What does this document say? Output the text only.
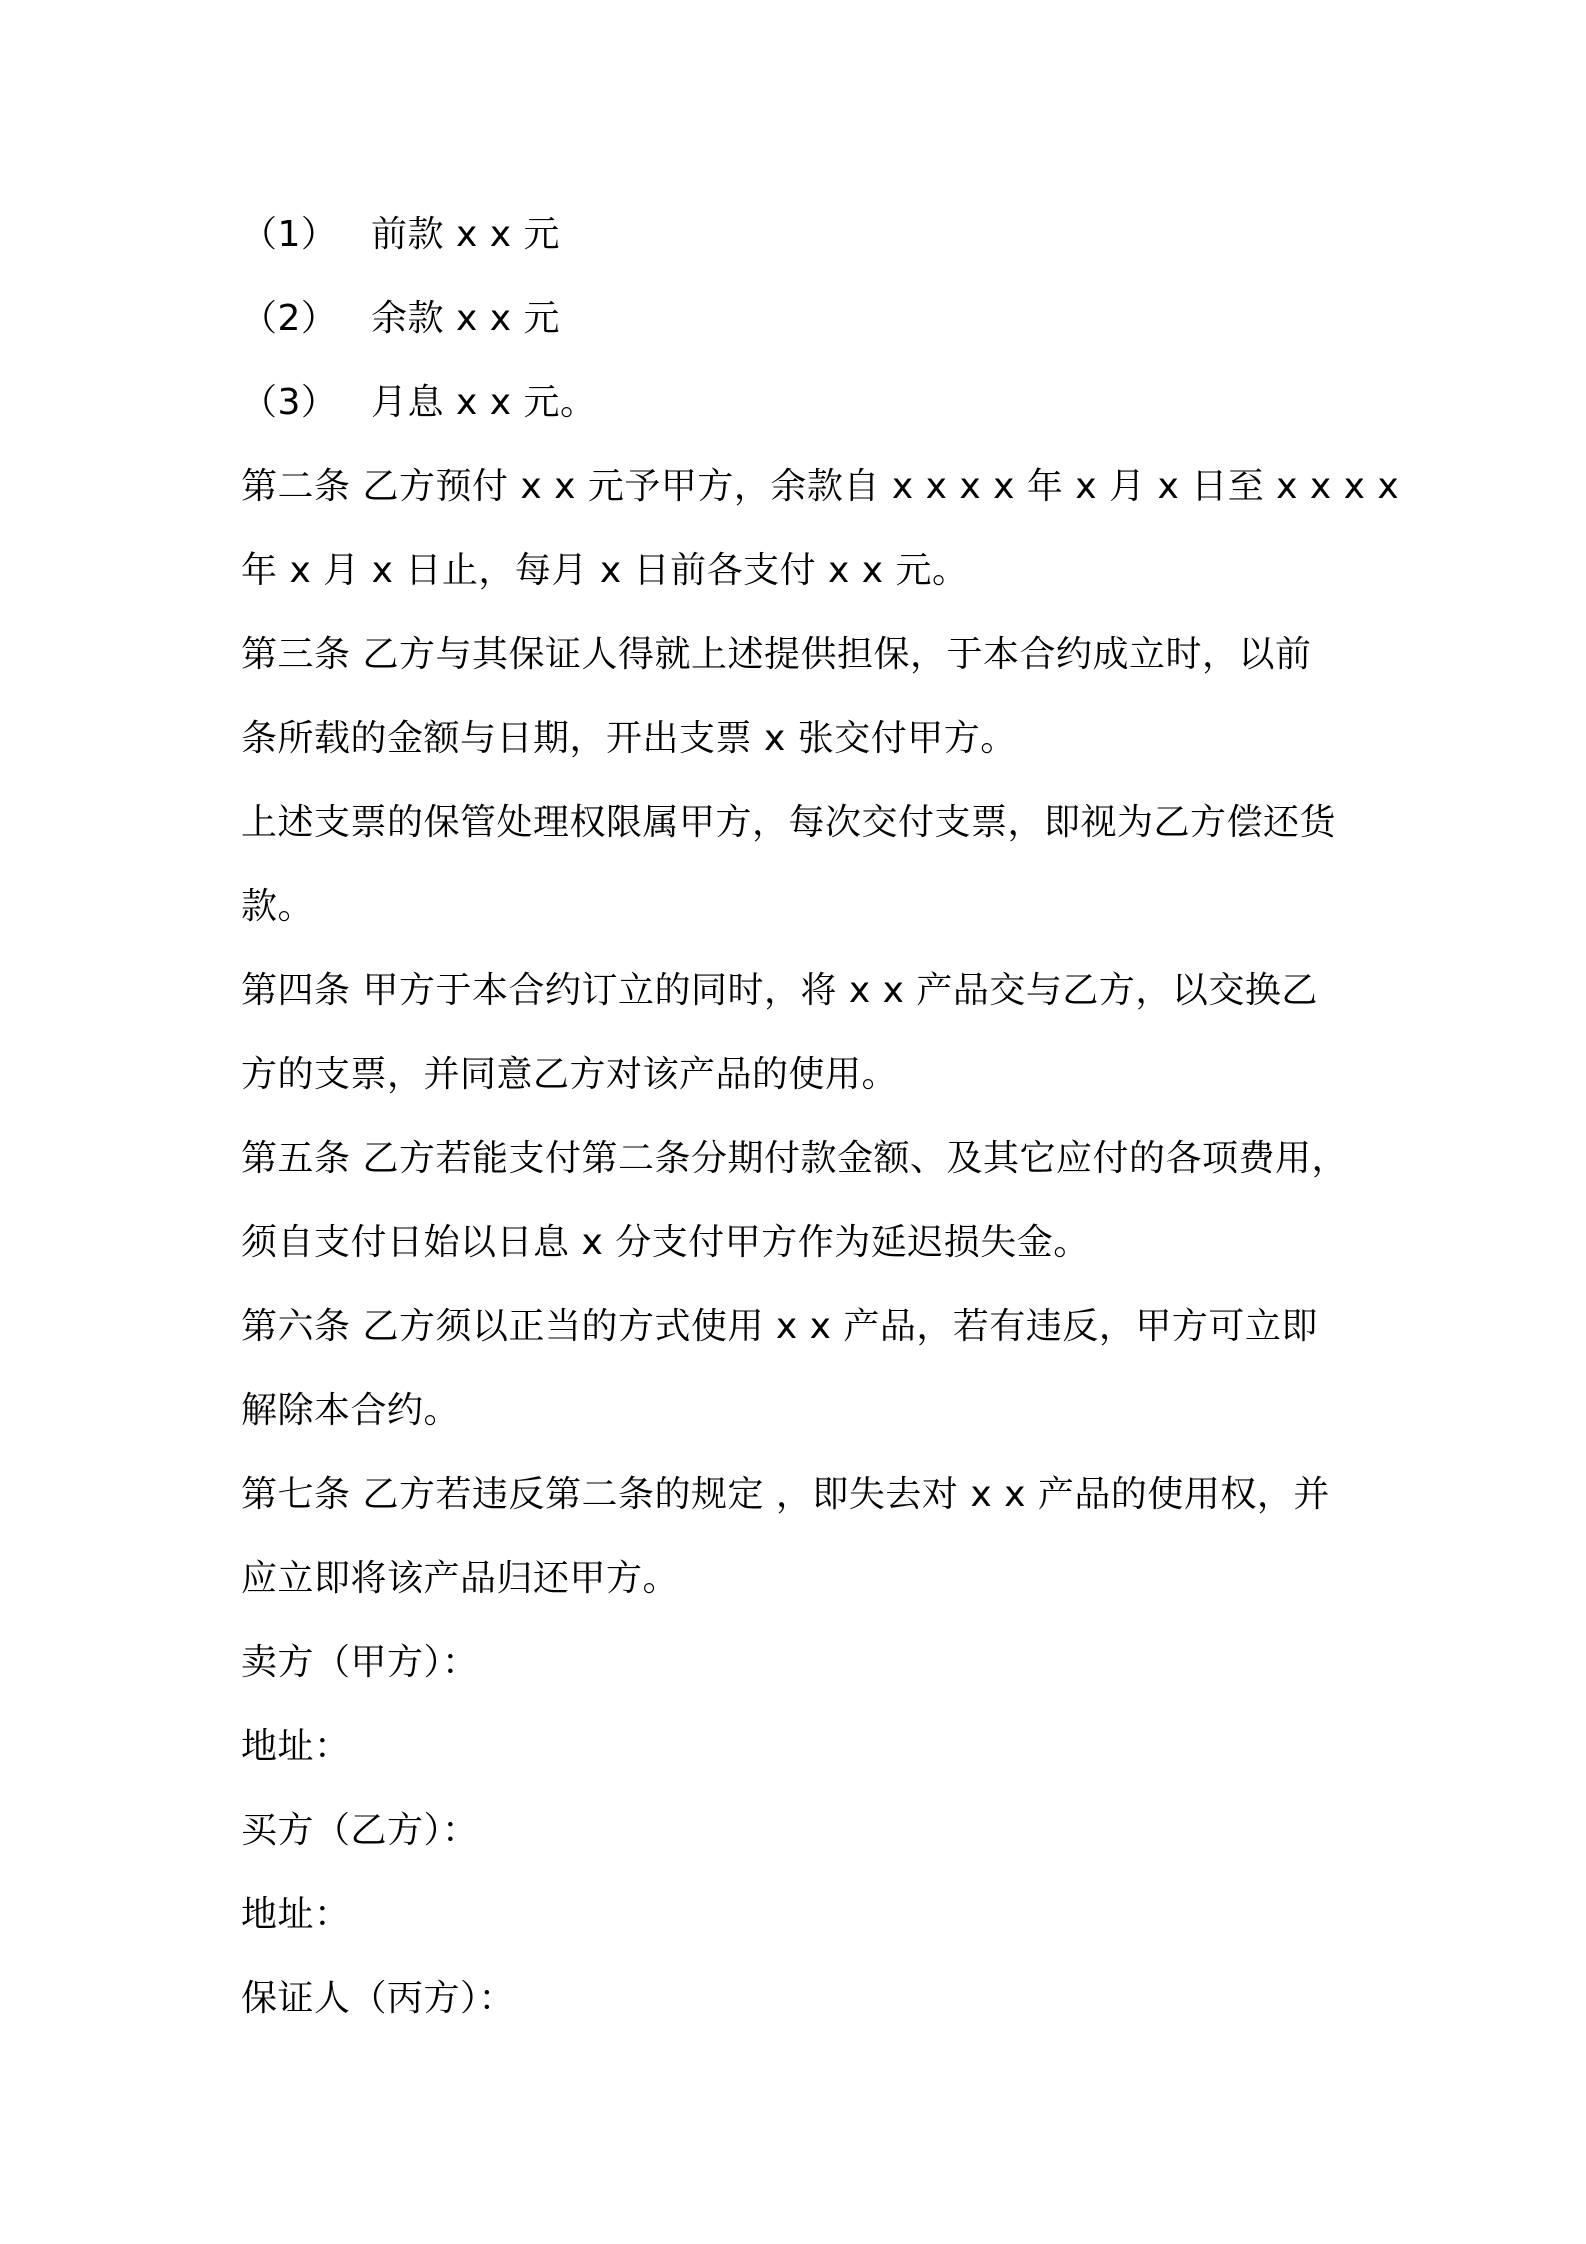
（1） 前款 x x 元
（2） 余款 x x 元
（3） 月息 x x 元。
第二条 乙方预付 x x 元予甲方，余款自 x x x x 年 x 月 x 日至 x x x x
年 x 月 x 日止，每月 x 日前各支付 x x 元。
第三条 乙方与其保证人得就上述提供担保，于本合约成立时，以前
条所载的金额与日期，开出支票 x 张交付甲方。
上述支票的保管处理权限属甲方，每次交付支票，即视为乙方偿还货
款。
第四条 甲方于本合约订立的同时，将 x x 产品交与乙方，以交换乙
方的支票，并同意乙方对该产品的使用。
第五条 乙方若能支付第二条分期付款金额、及其它应付的各项费用，
须自支付日始以日息 x 分支付甲方作为延迟损失金。
第六条 乙方须以正当的方式使用 x x 产品，若有违反，甲方可立即
解除本合约。
第七条 乙方若违反第二条的规定 ，即失去对 x x 产品的使用权，并
应立即将该产品归还甲方。
卖方（甲方）：
地址：
买方（乙方）：
地址：
保证人（丙方）：
